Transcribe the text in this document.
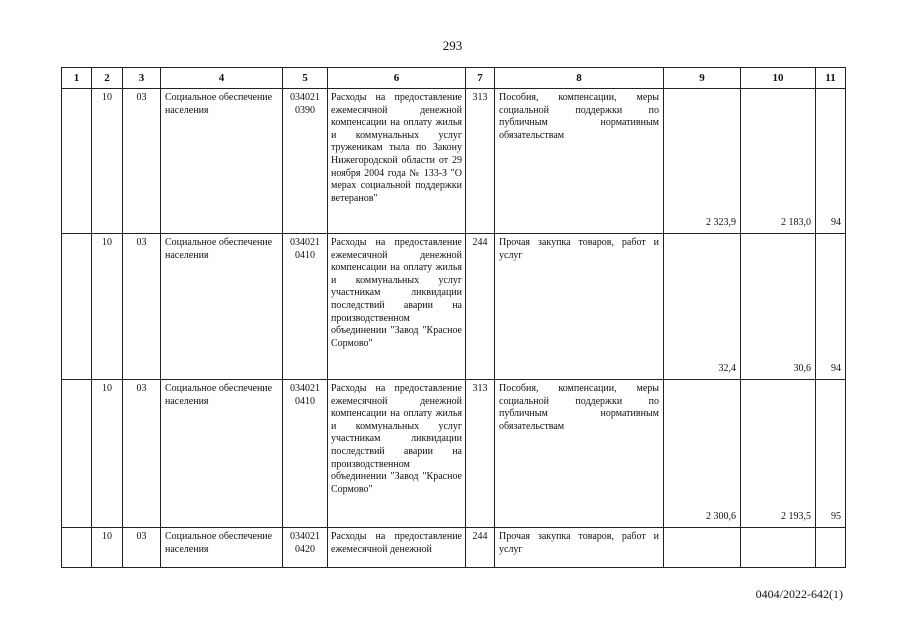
293
1	2	3	4	5	6	7	8	9	10	11
	10	03	Социальное обеспечение населения	034021 0390	Расходы на предоставление ежемесячной денежной компенсации на оплату жилья и коммунальных услуг труженикам тыла по Закону Нижегородской области от 29 ноября 2004 года № 133-З "О мерах социальной поддержки ветеранов"	313	Пособия, компенсации, меры социальной поддержки по публичным нормативным обязательствам	2 323,9	2 183,0	94
	10	03	Социальное обеспечение населения	034021 0410	Расходы на предоставление ежемесячной денежной компенсации на оплату жилья и коммунальных услуг участникам ликвидации последствий аварии на производственном объединении "Завод "Красное Сормово"	244	Прочая закупка товаров, работ и услуг	32,4	30,6	94
	10	03	Социальное обеспечение населения	034021 0410	Расходы на предоставление ежемесячной денежной компенсации на оплату жилья и коммунальных услуг участникам ликвидации последствий аварии на производственном объединении "Завод "Красное Сормово"	313	Пособия, компенсации, меры социальной поддержки по публичным нормативным обязательствам	2 300,6	2 193,5	95
	10	03	Социальное обеспечение населения	034021 0420	Расходы на предоставление ежемесячной денежной	244	Прочая закупка товаров, работ и услуг			
0404/2022-642(1)
